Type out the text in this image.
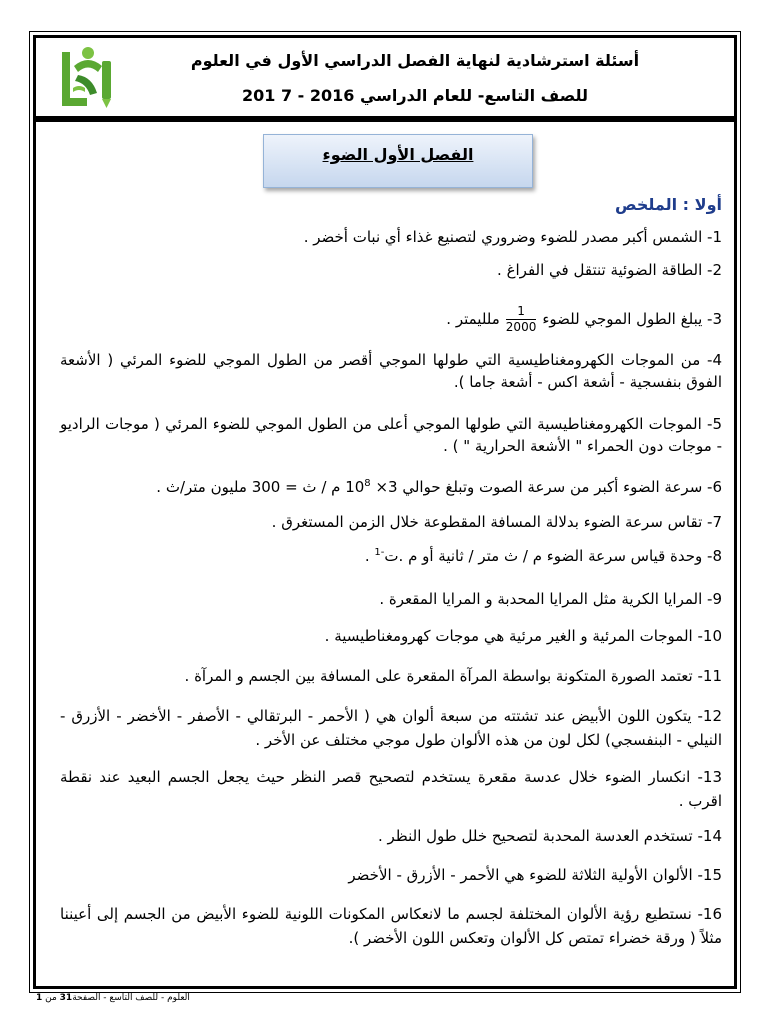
أسئلة استرشادية لنهاية الفصل الدراسي الأول في العلوم
للصف التاسع- للعام الدراسي 2016 - 7 201
الفصل الأول الضوء
أولا : الملخص

1- الشمس أكبر مصدر للضوء وضروري لتصنيع غذاء أي نبات أخضر .

2- الطاقة الضوئية تنتقل في الفراغ .

3- يبلغ الطول الموجي للضوء
$\frac{1}{2000}$
ملليمتر .

4- من الموجات الكهرومغناطيسية التي طولها الموجي أقصر من الطول الموجي للضوء المرئي ( الأشعة الفوق بنفسجية - أشعة اكس - أشعة جاما ).

5- الموجات الكهرومغناطيسية التي طولها الموجي أعلى من الطول الموجي للضوء المرئي ( موجات الراديو - موجات دون الحمراء " الأشعة الحرارية " ) .

6- سرعة الضوء أكبر من سرعة الصوت وتبلغ حوالي $3\times 10^8$ م / ث = 300 مليون متر/ث .

7- تقاس سرعة الضوء بدلالة المسافة المقطوعة خلال الزمن المستغرق .

8- وحدة قياس سرعة الضوء م / ث متر / ثانية أو م .ت$^{-1}$ .

9- المرايا الكرية مثل المرايا المحدبة و المرايا المقعرة .

10- الموجات المرئية و الغير مرئية هي موجات كهرومغناطيسية .

11- تعتمد الصورة المتكونة بواسطة المرآة المقعرة على المسافة بين الجسم و المرآة .

12- يتكون اللون الأبيض عند تشتته من سبعة ألوان هي ( الأحمر - البرتقالي - الأصفر - الأخضر - الأزرق - النيلي - البنفسجي) لكل لون من هذه الألوان طول موجي مختلف عن الأخر .

13- انكسار الضوء خلال عدسة مقعرة يستخدم لتصحيح قصر النظر حيث يجعل الجسم البعيد عند نقطة اقرب .

14- تستخدم العدسة المحدبة لتصحيح خلل طول النظر .

15- الألوان الأولية الثلاثة للضوء هي الأحمر - الأزرق - الأخضر

16- نستطيع رؤية الألوان المختلفة لجسم ما لانعكاس المكونات اللونية للضوء الأبيض من الجسم إلى أعيننا مثلاً ( ورقة خضراء تمتص كل الألوان وتعكس اللون الأخضر ).

العلوم - للصف التاسع - الصفحة31 من 1
